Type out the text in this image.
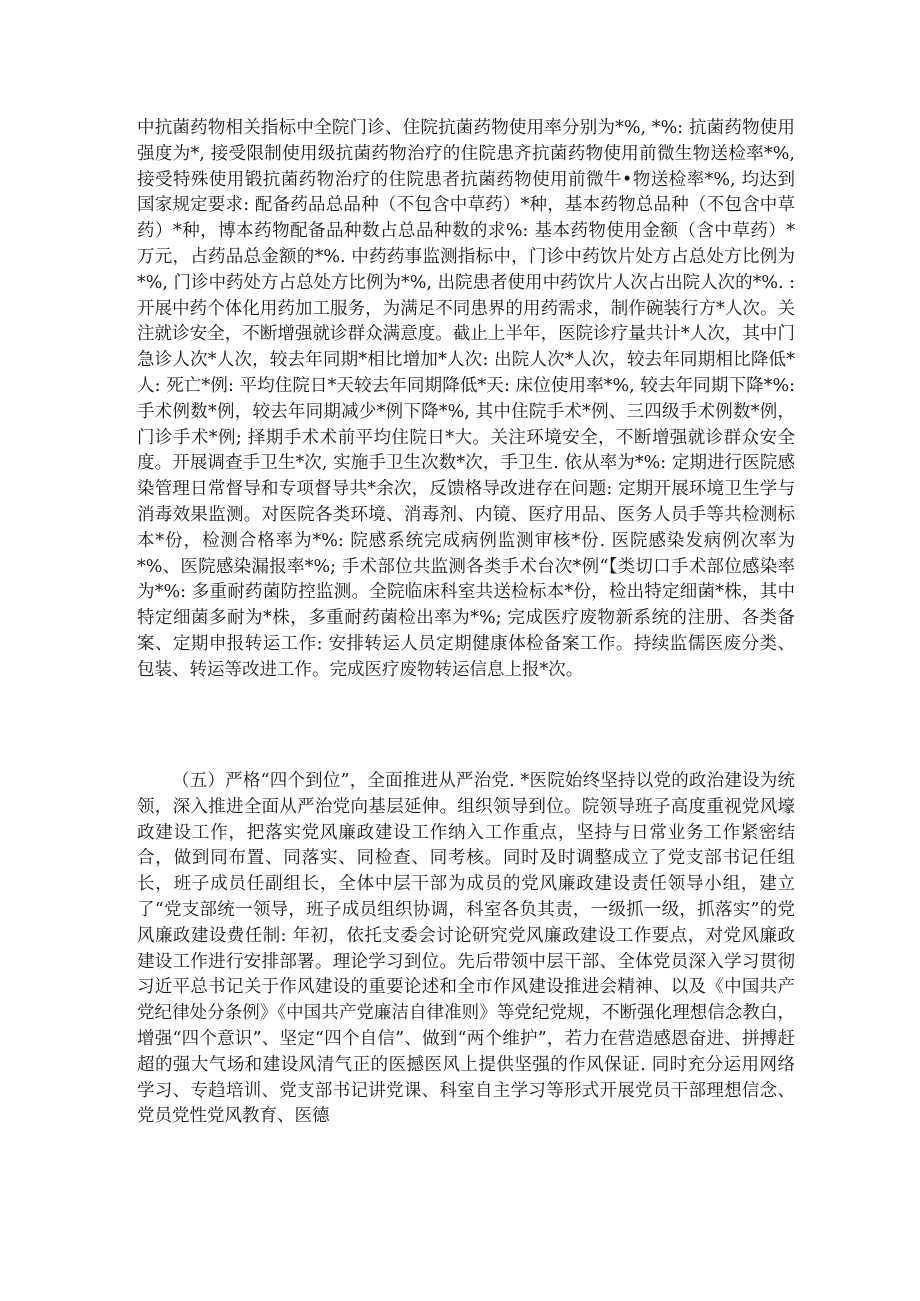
中抗菌药物相关指标中全院门诊、住院抗菌药物使用率分别为*%, *%: 抗菌药物使用强度为*, 接受限制使用级抗菌药物治疗的住院患齐抗菌药物使用前微生物送检率*%, 接受特殊使用锻抗菌药物治疗的住院患者抗菌药物使用前微牛•物送检率*%, 均达到国家规定要求: 配备药品总品种（不包含中草药）*种，基本药物总品种（不包含中草药）*种，博本药物配备品种数占总品种数的求%: 基本药物使用金额（含中草药）*万元，占药品总金额的*%. 中药药事监测指标中，门诊中药饮片处方占总处方比例为*%, 门诊中药处方占总处方比例为*%, 出院患者使用中药饮片人次占出院人次的*%. : 开展中药个体化用药加工服务，为满足不同患界的用药需求，制作碗装行方*人次。关注就诊安全，不断增强就诊群众满意度。截止上半年，医院诊疗量共计*人次，其中门急诊人次*人次，较去年同期*相比增加*人次: 出院人次*人次，较去年同期相比降低*人: 死亡*例: 平均住院日*天较去年同期降低*天: 床位使用率*%, 较去年同期下降*%: 手术例数*例，较去年同期减少*例下降*%, 其中住院手术*例、三四级手术例数*例，门诊手术*例; 择期手术术前平均住院日*大。关注环境安全，不断增强就诊群众安全度。开展调查手卫生*次, 实施手卫生次数*次，手卫生. 依从率为*%: 定期进行医院感染管理日常督导和专项督导共*余次，反馈格导改进存在问题: 定期开展环境卫生学与消毒效果监测。对医院各类环境、消毒剂、内镜、医疗用品、医务人员手等共检测标本*份，检测合格率为*%: 院感系统完成病例监测审核*份. 医院感染发病例次率为*%、医院感染漏报率*%; 手术部位共监测各类手术台次*例“【类切口手术部位感染率为*%: 多重耐药菌防控监测。全院临床科室共送检标本*份，检出特定细菌*株，其中特定细菌多耐为*株，多重耐药菌检出率为*%; 完成医疗废物新系统的注册、各类备案、定期申报转运工作: 安排转运人员定期健康体检备案工作。持续监儒医废分类、包装、转运等改进工作。完成医疗废物转运信息上报*次。

（五）严格“四个到位”，全面推进从严治党. *医院始终坚持以党的政治建设为统领，深入推进全面从严治党向基层延伸。组织领导到位。院领导班子高度重视党风壕政建设工作，把落实党风廉政建设工作纳入工作重点，坚持与日常业务工作紧密结合，做到同布置、同落实、同检查、同考核。同时及时调整成立了党支部书记任组长，班子成员任副组长，全体中层干部为成员的党风廉政建设责任领导小组，建立了“党支部统一领导，班子成员组织协调，科室各负其责，一级抓一级，抓落实”的党风廉政建设费任制: 年初，依托支委会讨论研究党风廉政建设工作要点，对党风廉政建设工作进行安排部署。理论学习到位。先后带领中层干部、全体党员深入学习贯彻习近平总书记关于作风建设的重要论述和全市作风建设推进会精神、以及《中国共产党纪律处分条例》《中国共产党廉洁自律准则》等党纪党规，不断强化理想信念教白，增强“四个意识”、坚定“四个自信”、做到“两个维护”，若力在营造感恩奋进、拼搏赶超的强大气场和建设风清气正的医撼医风上提供坚强的作风保证. 同时充分运用网络学习、专趋培训、党支部书记讲党课、科室自主学习等形式开展党员干部理想信念、党员党性党风教育、医德
